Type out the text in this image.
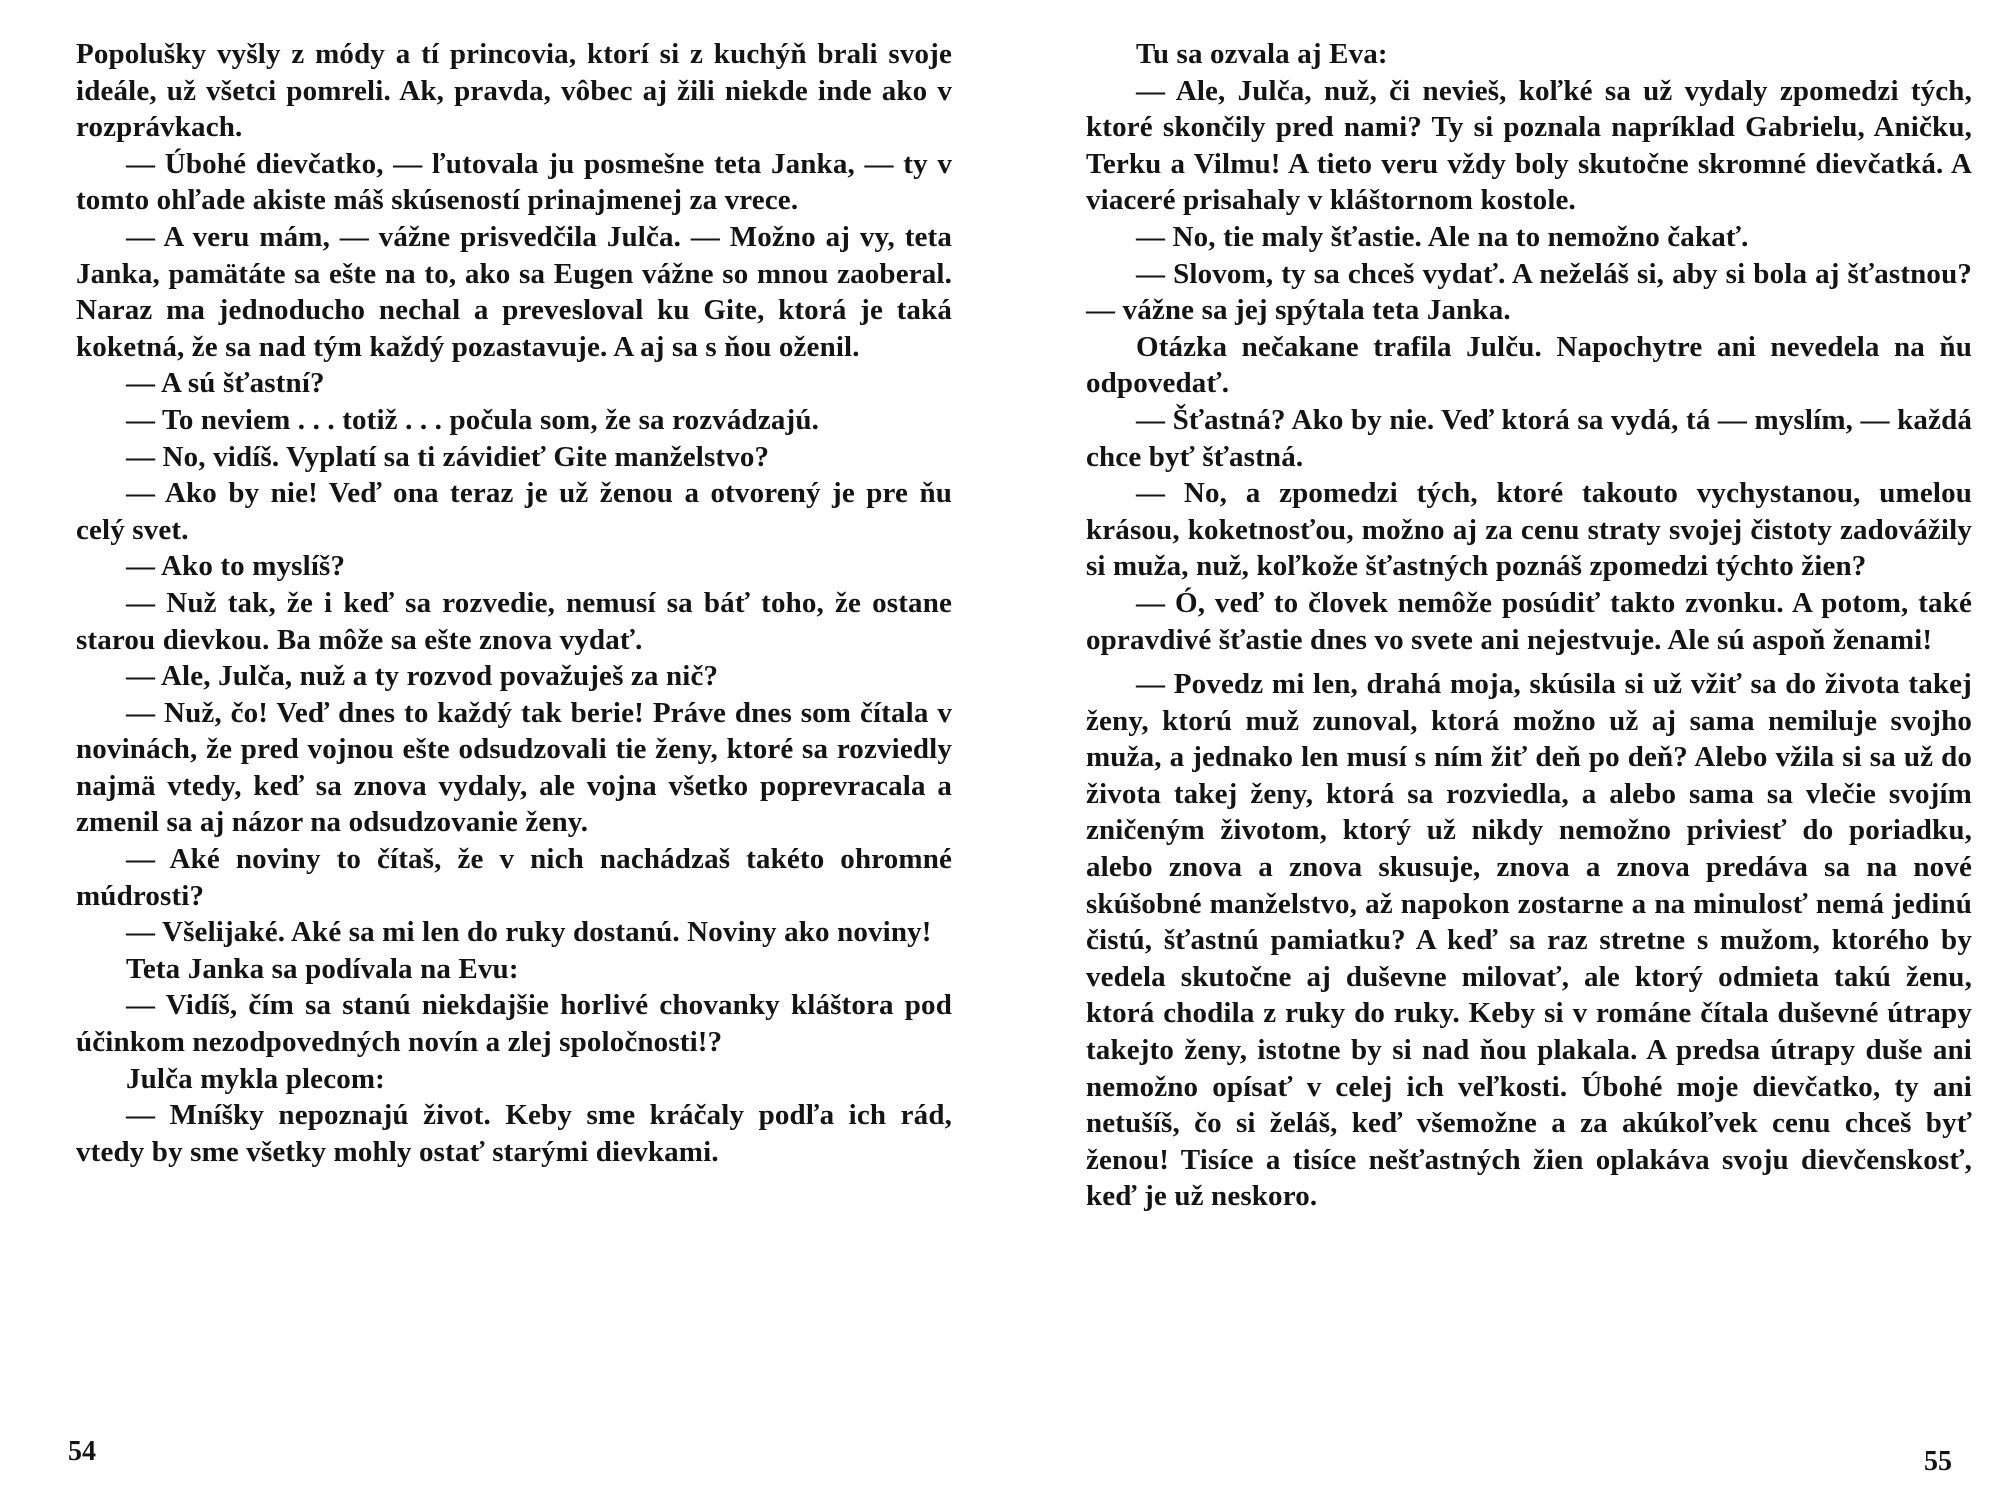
Popolušky vyšly z módy a tí princovia, ktorí si z kuchýň brali svoje ideále, už všetci pomreli. Ak, pravda, vôbec aj žili niekde inde ako v rozprávkach.

— Úbohé dievčatko, — ľutovala ju posmešne teta Janka, — ty v tomto ohľade akiste máš skúseností prinajmenej za vrece.

— A veru mám, — vážne prisvedčila Julča. — Možno aj vy, teta Janka, pamätáte sa ešte na to, ako sa Eugen vážne so mnou zaoberal. Naraz ma jednoducho nechal a prevesloval ku Gite, ktorá je taká koketná, že sa nad tým každý pozastavuje. A aj sa s ňou oženil.

— A sú šťastní?

— To neviem . . . totiž . . . počula som, že sa rozvádzajú.

— No, vidíš. Vyplatí sa ti závidieť Gite manželstvo?

— Ako by nie! Veď ona teraz je už ženou a otvorený je pre ňu celý svet.

— Ako to myslíš?

— Nuž tak, že i keď sa rozvedie, nemusí sa báť toho, že ostane starou dievkou. Ba môže sa ešte znova vydať.

— Ale, Julča, nuž a ty rozvod považuješ za nič?

— Nuž, čo! Veď dnes to každý tak berie! Práve dnes som čítala v novinách, že pred vojnou ešte odsudzovali tie ženy, ktoré sa rozviedly najmä vtedy, keď sa znova vydaly, ale vojna všetko poprevracala a zmenil sa aj názor na odsudzovanie ženy.

— Aké noviny to čítaš, že v nich nachádzaš takéto ohromné múdrosti?

— Všelijaké. Aké sa mi len do ruky dostanú. Noviny ako noviny!

Teta Janka sa podívala na Evu:

— Vidíš, čím sa stanú niekdajšie horlivé chovanky kláštora pod účinkom nezodpovedných novín a zlej spoločnosti!?

Julča mykla plecom:

— Mníšky nepoznajú život. Keby sme kráčaly podľa ich rád, vtedy by sme všetky mohly ostať starými dievkami.

54

Tu sa ozvala aj Eva:

— Ale, Julča, nuž, či nevieš, koľké sa už vydaly zpomedzi tých, ktoré skončily pred nami? Ty si poznala napríklad Gabrielu, Aničku, Terku a Vilmu! A tieto veru vždy boly skutočne skromné dievčatká. A viaceré prisahaly v kláštornom kostole.

— No, tie maly šťastie. Ale na to nemožno čakať.

— Slovom, ty sa chceš vydať. A neželáš si, aby si bola aj šťastnou? — vážne sa jej spýtala teta Janka.

Otázka nečakane trafila Julču. Napochytre ani nevedela na ňu odpovedať.

— Šťastná? Ako by nie. Veď ktorá sa vydá, tá — myslím, — každá chce byť šťastná.

— No, a zpomedzi tých, ktoré takouto vychystanou, umelou krásou, koketnosťou, možno aj za cenu straty svojej čistoty zadovážily si muža, nuž, koľkože šťastných poznáš zpomedzi týchto žien?

— Ó, veď to človek nemôže posúdiť takto zvonku. A potom, také opravdivé šťastie dnes vo svete ani nejestvuje. Ale sú aspoň ženami!

— Povedz mi len, drahá moja, skúsila si už vžiť sa do života takej ženy, ktorú muž zunoval, ktorá možno už aj sama nemiluje svojho muža, a jednako len musí s ním žiť deň po deň? Alebo vžila si sa už do života takej ženy, ktorá sa rozviedla, a alebo sama sa vlečie svojím zničeným životom, ktorý už nikdy nemožno priviesť do poriadku, alebo znova a znova skusuje, znova a znova predáva sa na nové skúšobné manželstvo, až napokon zostarne a na minulosť nemá jedinú čistú, šťastnú pamiatku? A keď sa raz stretne s mužom, ktorého by vedela skutočne aj duševne milovať, ale ktorý odmieta takú ženu, ktorá chodila z ruky do ruky. Keby si v románe čítala duševné útrapy takejto ženy, istotne by si nad ňou plakala. A predsa útrapy duše ani nemožno opísať v celej ich veľkosti. Úbohé moje dievčatko, ty ani netušíš, čo si želáš, keď všemožne a za akúkoľvek cenu chceš byť ženou! Tisíce a tisíce nešťastných žien oplakáva svoju dievčenskosť, keď je už neskoro.

55
